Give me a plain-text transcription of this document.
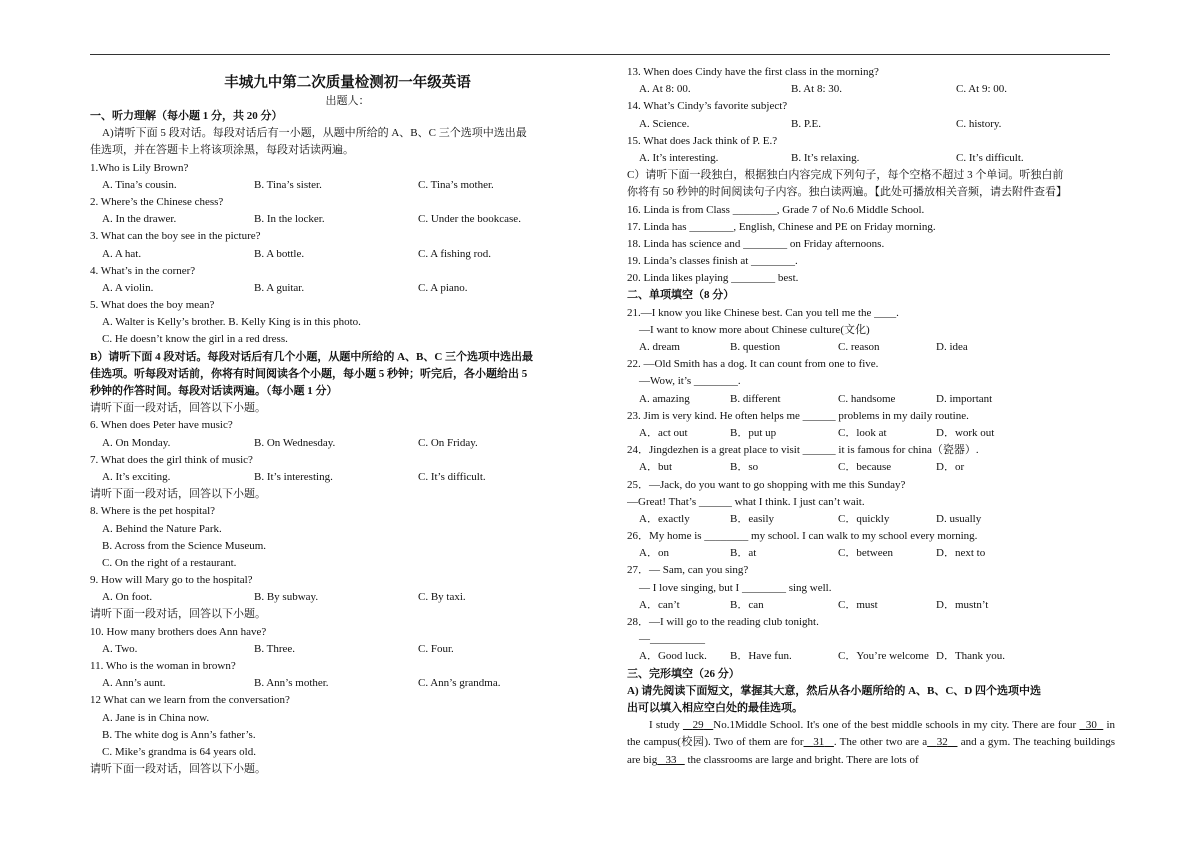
丰城九中第二次质量检测初一年级英语
出题人：
一、听力理解（每小题 1 分，共 20 分）
A)请听下面 5 段对话。每段对话后有一小题，从题中所给的 A、B、C 三个选项中选出最
佳选项，并在答题卡上将该项涂黑，每段对话读两遍。
1.Who is Lily Brown?
A. Tina’s cousin.	B. Tina’s sister.	C. Tina’s mother.
2. Where’s the Chinese chess?
A. In the drawer.	B. In the locker.	C. Under the bookcase.
3. What can the boy see in the picture?
A. A hat.	B. A bottle.	C. A fishing rod.
4. What’s in the corner?
A. A violin.	B. A guitar.	C. A piano.
5. What does the boy mean?
A. Walter is Kelly’s brother. B. Kelly King is in this photo.
C. He doesn’t know the girl in a red dress.
B）请听下面 4 段对话。每段对话后有几个小题，从题中所给的 A、B、C 三个选项中选出最
佳选项。听每段对话前，你将有时间阅读各个小题，每小题 5 秒钟；听完后，各小题给出 5
秒钟的作答时间。每段对话读两遍。（每小题 1 分）
请听下面一段对话，回答以下小题。
6. When does Peter have music?
A. On Monday.	B. On Wednesday.	C. On Friday.
7. What does the girl think of music?
A. It’s exciting.	B. It’s interesting.	C. It’s difficult.
请听下面一段对话，回答以下小题。
8. Where is the pet hospital?
A. Behind the Nature Park.
B. Across from the Science Museum.
C. On the right of a restaurant.
9. How will Mary go to the hospital?
A. On foot.	B. By subway.	C. By taxi.
请听下面一段对话，回答以下小题。
10. How many brothers does Ann have?
A. Two.	B. Three.	C. Four.
11. Who is the woman in brown?
A. Ann’s aunt.	B. Ann’s mother.	C. Ann’s grandma.
12 What can we learn from the conversation?
A. Jane is in China now.
B. The white dog is Ann’s father’s.
C. Mike’s grandma is 64 years old.
请听下面一段对话，回答以下小题。
13. When does Cindy have the first class in the morning?
A. At 8: 00.	B. At 8: 30.	C. At 9: 00.
14. What’s Cindy’s favorite subject?
A. Science.	B. P.E.	C. history.
15. What does Jack think of P. E.?
A. It’s interesting.	B. It’s relaxing.	C. It’s difficult.
C）请听下面一段独白，根据独白内容完成下列句子，每个空格不超过 3 个单词。听独白前
你将有 50 秒钟的时间阅读句子内容。独白读两遍。【此处可播放相关音频，请去附件查看】
16. Linda is from Class ________, Grade 7 of No.6 Middle School.
17. Linda has ________, English, Chinese and PE on Friday morning.
18. Linda has science and ________ on Friday afternoons.
19. Linda’s classes finish at ________.
20. Linda likes playing ________ best.
二、单项填空（8 分）
21.—I know you like Chinese best. Can you tell me the ____.
—I want to know more about Chinese culture(文化)
A. dream	B. question	C. reason	D. idea
22. —Old Smith has a dog. It can count from one to five.
—Wow, it’s ________.
A. amazing	B. different	C. handsome	D. important
23. Jim is very kind. He often helps me ______ problems in my daily routine.
A．act out	B．put up	C．look at	D．work out
24．Jingdezhen is a great place to visit ______ it is famous for china（瓷器）.
A．but	B．so	C．because	D．or
25．—Jack, do you want to go shopping with me this Sunday?
—Great! That’s ______ what I think. I just can’t wait.
A．exactly	B．easily	C．quickly	D. usually
26．My home is ________ my school. I can walk to my school every morning.
A．on	B．at	C．between	D．next to
27．— Sam, can you sing?
— I love singing, but I ________ sing well.
A．can’t	B．can	C．must	D．mustn’t
28．—I will go to the reading club tonight.
—__________
A．Good luck.	B．Have fun.	C．You’re welcome D．Thank you.
三、完形填空（26 分）
A) 请先阅读下面短文，掌握其大意，然后从各小题所给的 A、B、C、D 四个选项中选
出可以填入相应空白处的最佳选项。
I study    29 No.1Middle School. It's one of the best middle schools in my city. There are four   30   in the campus(校园). Two of them are for 31 . The other two are a 32    and a gym. The teaching buildings are big 33    the classrooms are large and bright. There are lots of
